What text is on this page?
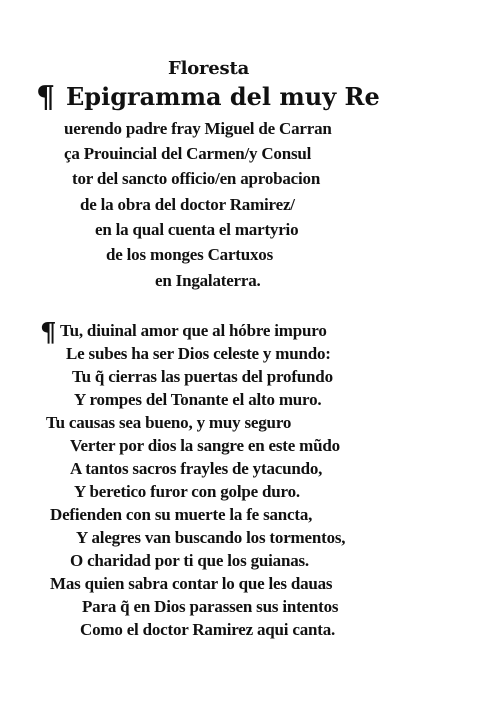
Floresta
¶ Epigramma del muy Re
uerendo padre fray Miguel de Carran
ça Prouincial del Carmen/y Consul
tor del sancto officio/en aprobacion
de la obra del doctor Ramirez/
en la qual cuenta el martyrio
de los monges Cartuxos
en Ingalaterra.
¶ Tu, diuinal amor que al hóbre impuro
Le subes ha ser Dios celeste y mundo:
Tu q̃ cierras las puertas del profundo
Y rompes del Tonante el alto muro.
Tu causas sea bueno, y muy seguro
Verter por dios la sangre en este mũdo
A tantos sacros frayles de ytacundo,
Y beretico furor con golpe duro.
Defienden con su muerte la fe sancta,
Y alegres van buscando los tormentos,
O charidad por ti que los guianas.
Mas quien sabra contar lo que les dauas
Para q̃ en Dios parassen sus intentos
Como el doctor Ramirez aqui canta.
